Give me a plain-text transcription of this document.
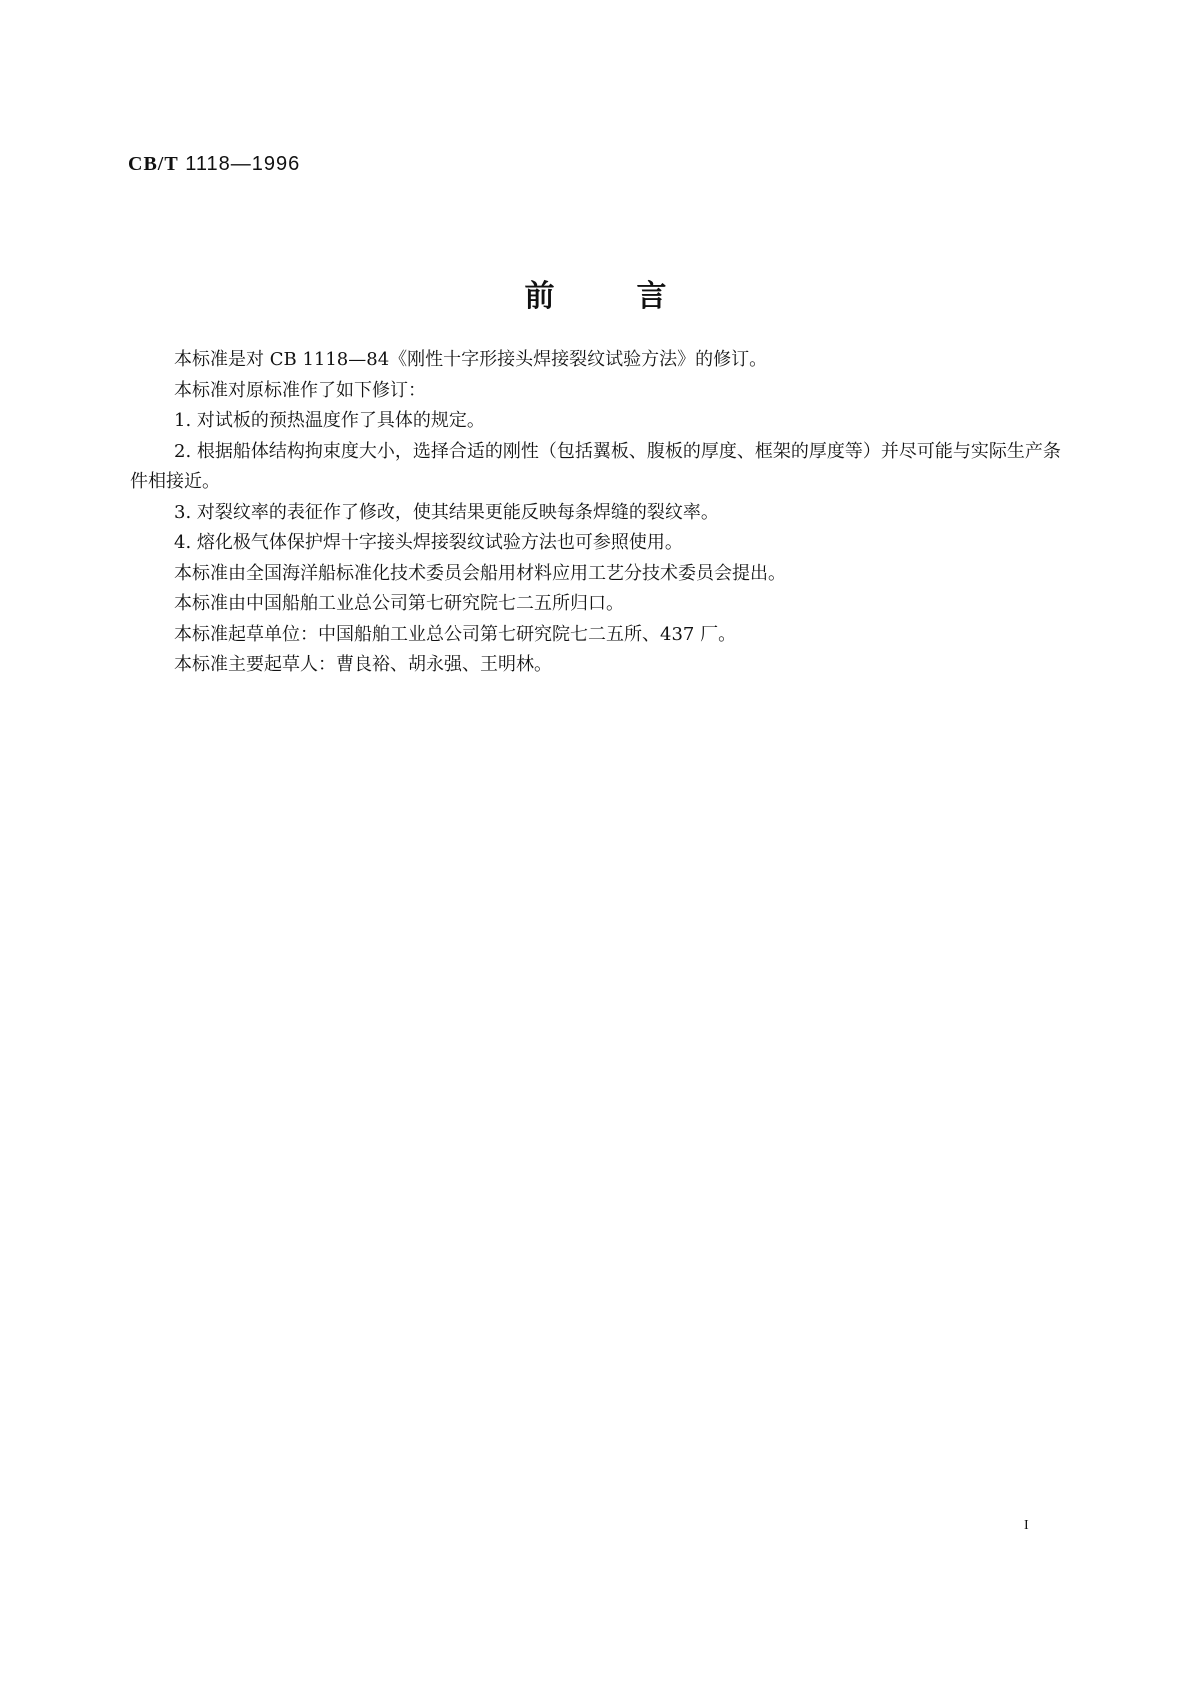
CB/T 1118—1996
前言

本标准是对 CB 1118—84《刚性十字形接头焊接裂纹试验方法》的修订。

本标准对原标准作了如下修订：

1. 对试板的预热温度作了具体的规定。

2. 根据船体结构拘束度大小，选择合适的刚性（包括翼板、腹板的厚度、框架的厚度等）并尽可能与实际生产条件相接近。

3. 对裂纹率的表征作了修改，使其结果更能反映每条焊缝的裂纹率。

4. 熔化极气体保护焊十字接头焊接裂纹试验方法也可参照使用。

本标准由全国海洋船标准化技术委员会船用材料应用工艺分技术委员会提出。

本标准由中国船舶工业总公司第七研究院七二五所归口。

本标准起草单位：中国船舶工业总公司第七研究院七二五所、437 厂。

本标准主要起草人：曹良裕、胡永强、王明林。

I
